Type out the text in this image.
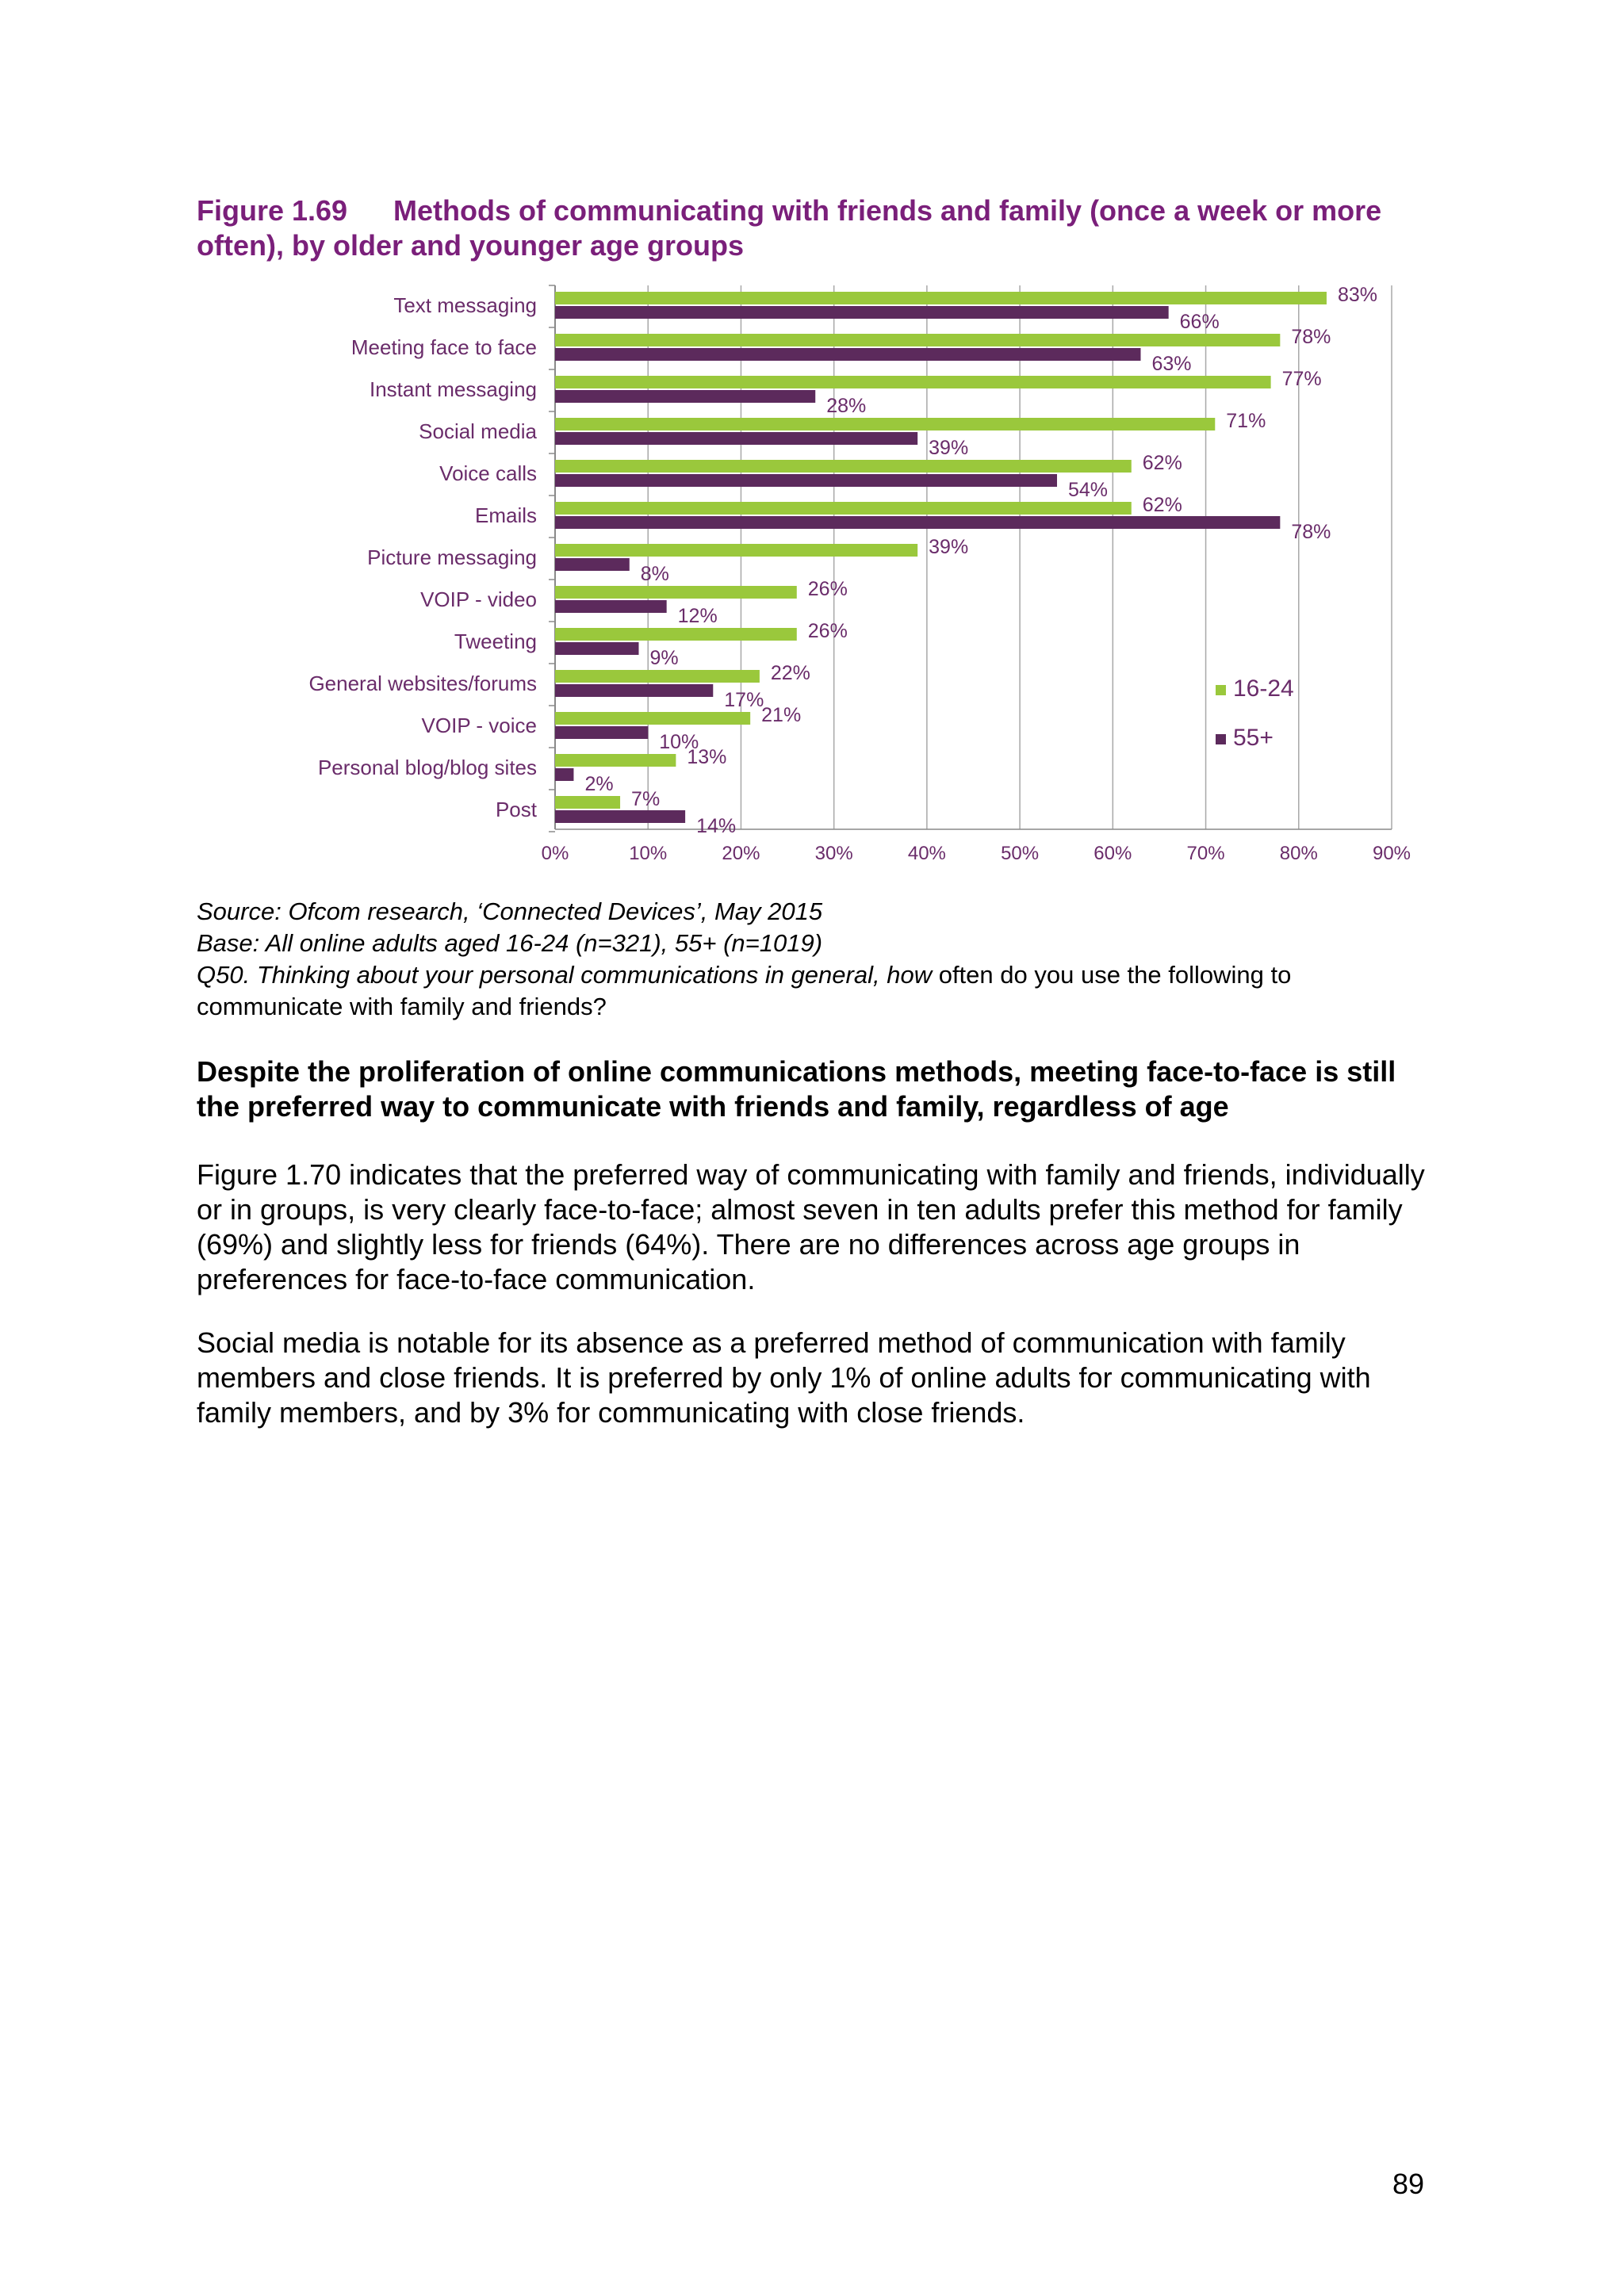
Figure 1.69 Methods of communicating with friends and family (once a week or more often), by older and younger age groups
0%	10%	20%	30%	40%	50%	60%	70%	80%	90%
Text messaging	83%
66%
Meeting face to face	78%
63%
Instant messaging	77%
28%
Social media	71%
39%
Voice calls	62%
54%
Emails	62%
78%
Picture messaging	39%
8%
VOIP - video	26%
12%
Tweeting	26%
9%
General websites/forums	22%
17%
VOIP - voice	21%
10%
Personal blog/blog sites	13%
2%
Post	7%
14%
16-24
55+
Source: Ofcom research, ‘Connected Devices’, May 2015
Base: All online adults aged 16-24 (n=321), 55+ (n=1019)
Q50. Thinking about your personal communications in general, how often do you use the following to communicate with family and friends?
Despite the proliferation of online communications methods, meeting face-to-face is still the preferred way to communicate with friends and family, regardless of age
Figure 1.70 indicates that the preferred way of communicating with family and friends, individually or in groups, is very clearly face-to-face; almost seven in ten adults prefer this method for family (69%) and slightly less for friends (64%). There are no differences across age groups in preferences for face-to-face communication.
Social media is notable for its absence as a preferred method of communication with family members and close friends. It is preferred by only 1% of online adults for communicating with family members, and by 3% for communicating with close friends.
89
